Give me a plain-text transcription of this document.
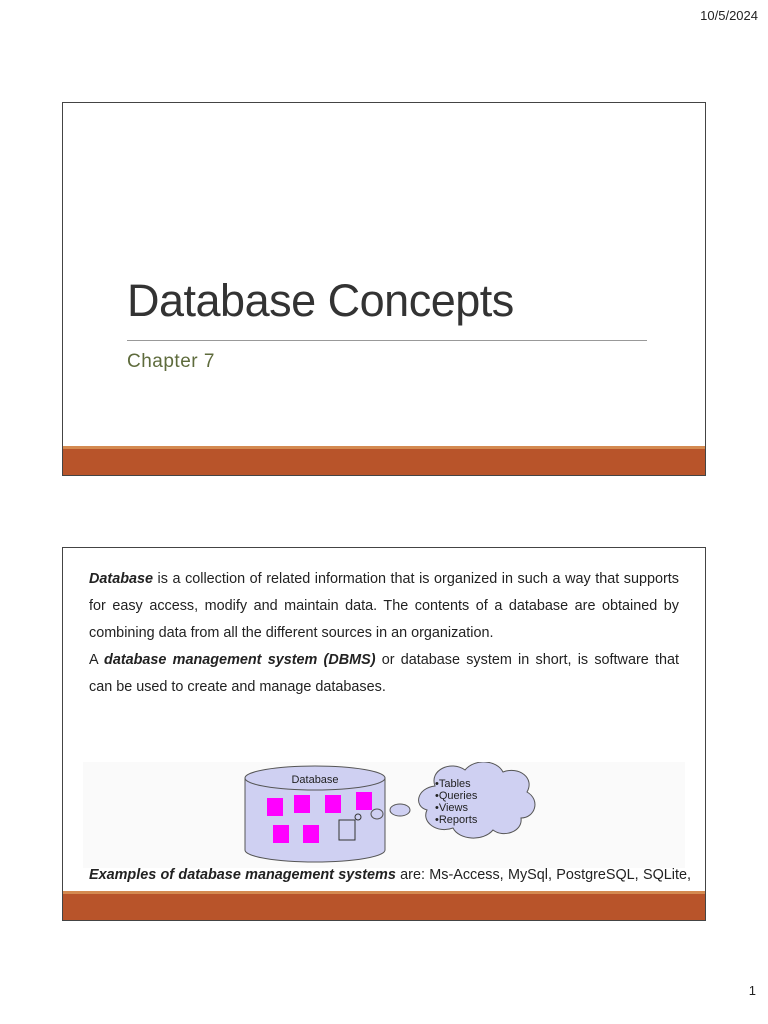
10/5/2024
Database Concepts
Chapter 7

Database is a collection of related information that is organized in such a way that supports for easy access, modify and maintain data. The contents of a database are obtained by combining data from all the different sources in an organization.

A database management system (DBMS) or database system in short, is software that can be used to create and manage databases.

Database	•Tables •Queries •Views •Reports

Examples of database management systems are: Ms-Access, MySql, PostgreSQL, SQLite,

1
